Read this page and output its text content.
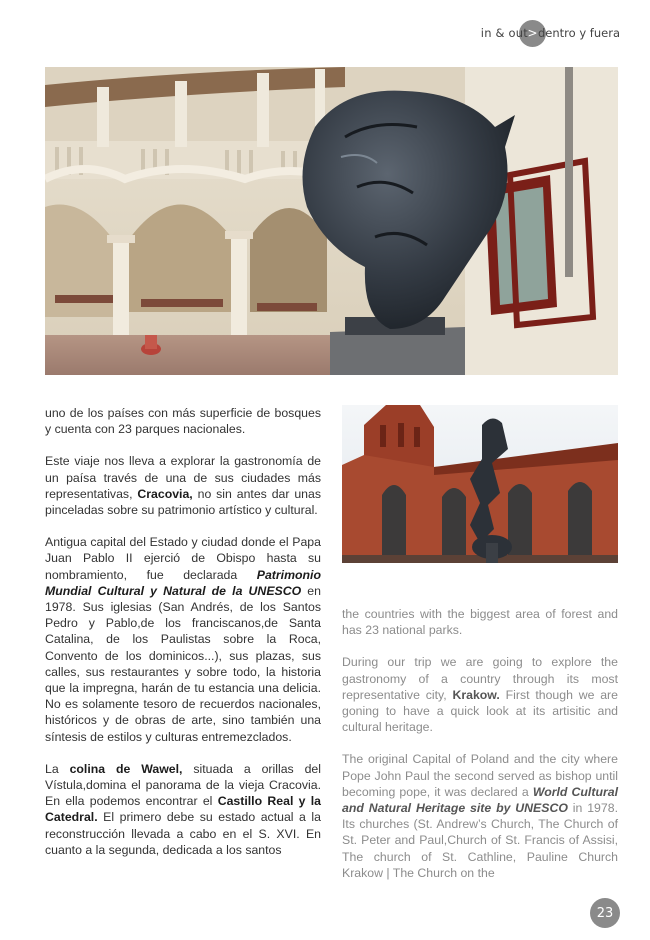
in & out > dentro y fuera

uno de los países con más superficie de bosques y cuenta con 23 parques nacionales.

Este viaje nos lleva a explorar la gastronomía de un paísa través de una de sus ciudades más representativas, Cracovia, no sin antes dar unas pinceladas sobre su patrimonio artístico y cultural.

Antigua capital del Estado y ciudad donde el Papa Juan Pablo II ejerció de Obispo hasta su nombramiento, fue declarada Patrimonio Mundial Cultural y Natural de la UNESCO en 1978. Sus iglesias (San Andrés, de los Santos Pedro y Pablo,de los franciscanos,de Santa Catalina, de los Paulistas sobre la Roca, Convento de los dominicos...), sus plazas, sus calles, sus restaurantes y sobre todo, la historia que la impregna, harán de tu estancia una delicia. No es solamente tesoro de recuerdos nacionales, históricos y de obras de arte, sino también una síntesis de estilos y culturas entremezclados.

La colina de Wawel, situada a orillas del Vístula,domina el panorama de la vieja Cracovia. En ella podemos encontrar el Castillo Real y la Catedral. El primero debe su estado actual a la reconstrucción llevada a cabo en el S. XVI. En cuanto a la segunda, dedicada a los santos

the countries with the biggest area of forest and has 23 national parks.

During our trip we are going to explore the gastronomy of a country through its most representative city, Krakow. First though we are goning to have a quick look at its artisitic and cultural heritage.

The original Capital of Poland and the city where Pope John Paul the second served as bishop until becoming pope, it was declared a World Cultural and Natural Heritage site by UNESCO in 1978. Its churches (St. Andrew’s Church, The Church of St. Peter and Paul,Church of St. Francis of Assisi, The church of St. Cathline, Pauline Church Krakow | The Church on the

23
